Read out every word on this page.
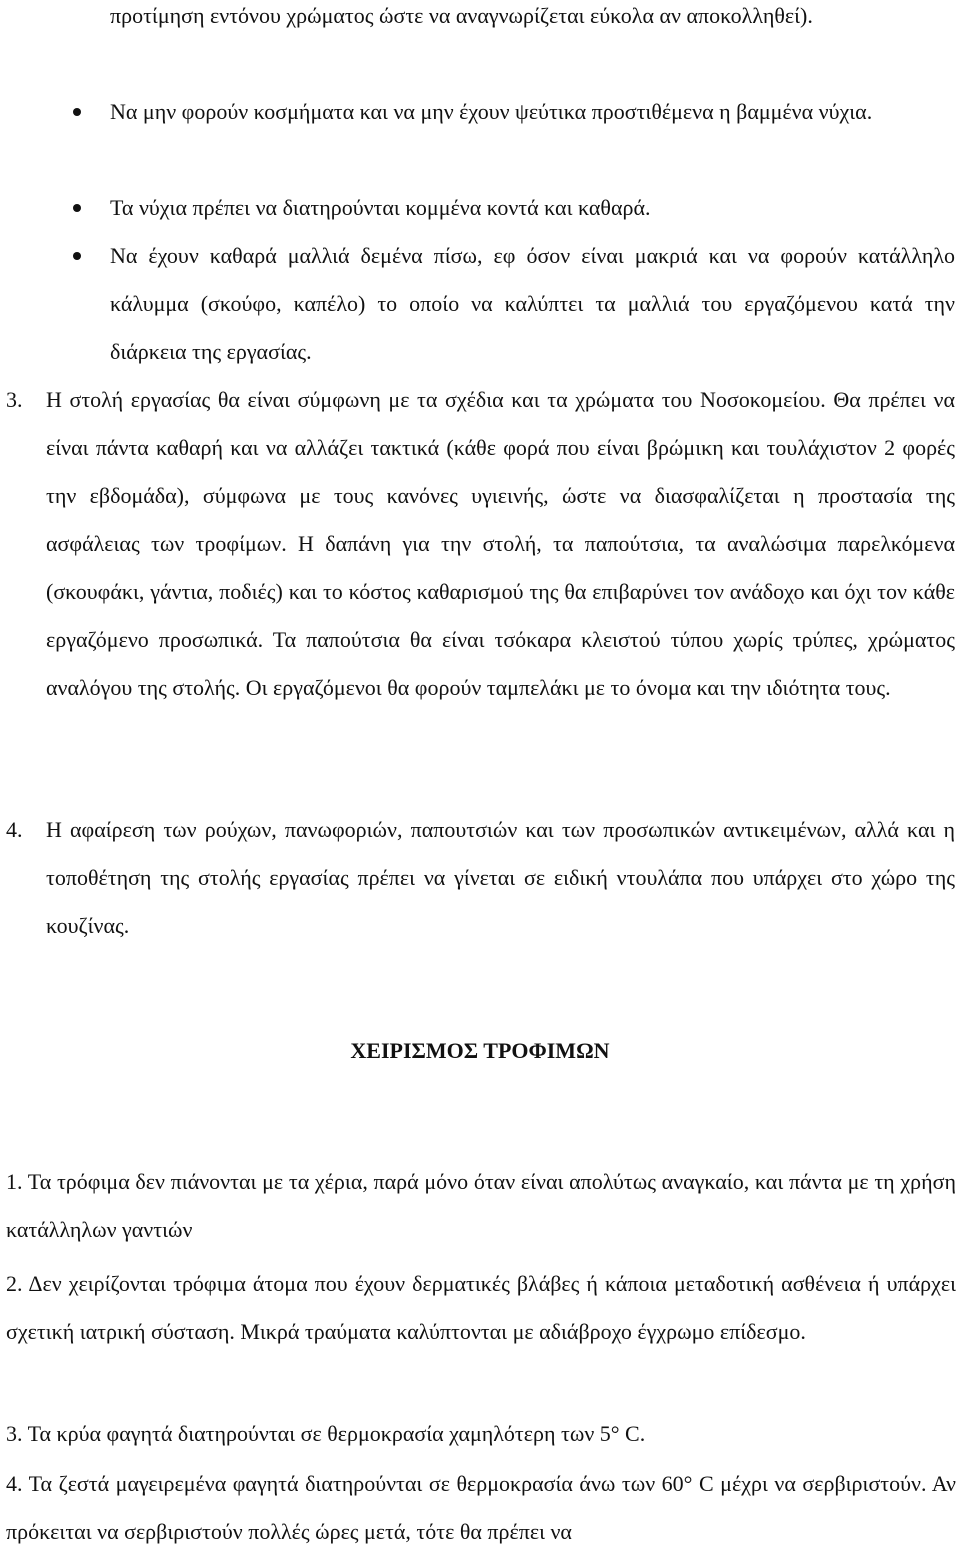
προτίμηση εντόνου χρώματος ώστε να αναγνωρίζεται εύκολα αν αποκολληθεί).

Να μην φορούν κοσμήματα και να μην έχουν ψεύτικα προστιθέμενα η βαμμένα νύχια.
Τα νύχια πρέπει να διατηρούνται κομμένα κοντά και καθαρά.
Να έχουν καθαρά μαλλιά δεμένα πίσω, εφ όσον είναι μακριά και να φορούν κατάλληλο κάλυμμα (σκούφο, καπέλο) το οποίο να καλύπτει τα μαλλιά του εργαζόμενου κατά την διάρκεια της εργασίας.
3. Η στολή εργασίας θα είναι σύμφωνη με τα σχέδια και τα χρώματα του Νοσοκομείου. Θα πρέπει να είναι πάντα καθαρή και να αλλάζει τακτικά (κάθε φορά που είναι βρώμικη και τουλάχιστον 2 φορές την εβδομάδα), σύμφωνα με τους κανόνες υγιεινής, ώστε να διασφαλίζεται η προστασία της ασφάλειας των τροφίμων. Η δαπάνη για την στολή, τα παπούτσια, τα αναλώσιμα παρελκόμενα (σκουφάκι, γάντια, ποδιές) και το κόστος καθαρισμού της θα επιβαρύνει τον ανάδοχο και όχι τον κάθε εργαζόμενο προσωπικά. Τα παπούτσια θα είναι τσόκαρα κλειστού τύπου χωρίς τρύπες, χρώματος αναλόγου της στολής. Οι εργαζόμενοι θα φορούν ταμπελάκι με το όνομα και την ιδιότητα τους.
4. Η αφαίρεση των ρούχων, πανωφοριών, παπουτσιών και των προσωπικών αντικειμένων, αλλά και η τοποθέτηση της στολής εργασίας πρέπει να γίνεται σε ειδική ντουλάπα που υπάρχει στο χώρο της κουζίνας.
ΧΕΙΡΙΣΜΟΣ ΤΡΟΦΙΜΩΝ

1. Τα τρόφιμα δεν πιάνονται με τα χέρια, παρά μόνο όταν είναι απολύτως αναγκαίο, και πάντα με τη χρήση κατάλληλων γαντιών

2. Δεν χειρίζονται τρόφιμα άτομα που έχουν δερματικές βλάβες ή κάποια μεταδοτική ασθένεια ή υπάρχει σχετική ιατρική σύσταση. Μικρά τραύματα καλύπτονται με αδιάβροχο έγχρωμο επίδεσμο.

3. Τα κρύα φαγητά διατηρούνται σε θερμοκρασία χαμηλότερη των 5° C.

4. Τα ζεστά μαγειρεμένα φαγητά διατηρούνται σε θερμοκρασία άνω των 60° C μέχρι να σερβιριστούν. Αν πρόκειται να σερβιριστούν πολλές ώρες μετά, τότε θα πρέπει να
